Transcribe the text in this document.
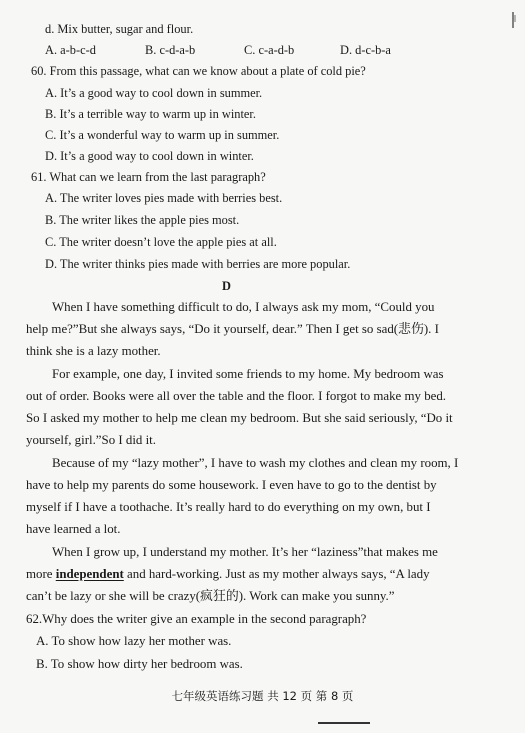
d. Mix butter, sugar and flour.
A. a-b-c-d	B. c-d-a-b	C. c-a-d-b	D. d-c-b-a
60. From this passage, what can we know about a plate of cold pie?
A. It’s a good way to cool down in summer.
B. It’s a terrible way to warm up in winter.
C. It’s a wonderful way to warm up in summer.
D. It’s a good way to cool down in winter.
61. What can we learn from the last paragraph?
A. The writer loves pies made with berries best.
B. The writer likes the apple pies most.
C. The writer doesn’t love the apple pies at all.
D. The writer thinks pies made with berries are more popular.
D
When I have something difficult to do, I always ask my mom, “Could you
help me?”But she always says, “Do it yourself, dear.” Then I get so sad(悲伤). I
think she is a lazy mother.
For example, one day, I invited some friends to my home. My bedroom was
out of order. Books were all over the table and the floor. I forgot to make my bed.
So I asked my mother to help me clean my bedroom. But she said seriously, “Do it
yourself, girl.”So I did it.
Because of my “lazy mother”, I have to wash my clothes and clean my room, I
have to help my parents do some housework. I even have to go to the dentist by
myself if I have a toothache. It’s really hard to do everything on my own, but I
have learned a lot.
When I grow up, I understand my mother. It’s her “laziness”that makes me
more independent and hard-working. Just as my mother always says, “A lady
can’t be lazy or she will be crazy(疯狂的). Work can make you sunny.”
62.Why does the writer give an example in the second paragraph?
A. To show how lazy her mother was.
B. To show how dirty her bedroom was.
七年级英语练习题 共 12 页 第 8 页
